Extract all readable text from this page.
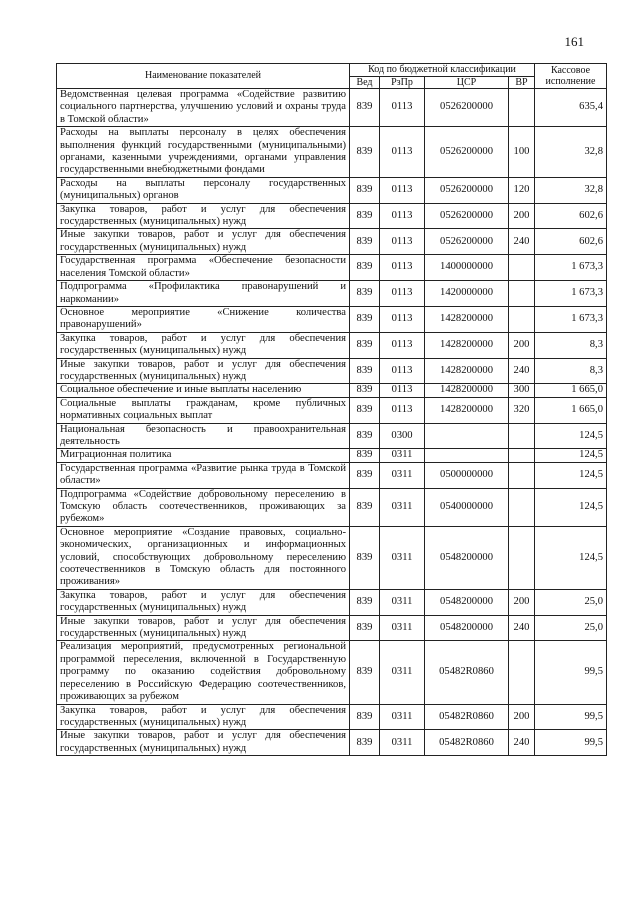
161
Наименование показателей	Код по бюджетной классификации				Кассовое исполнение
	Вед	РзПр	ЦСР	ВР	
Ведомственная целевая программа «Содействие развитию социального партнерства, улучшению условий и охраны труда в Томской области»	839	0113	0526200000		635,4
Расходы на выплаты персоналу в целях обеспечения выполнения функций государственными (муниципальными) органами, казенными учреждениями, органами управления государственными внебюджетными фондами	839	0113	0526200000	100	32,8
Расходы на выплаты персоналу государственных (муниципальных) органов	839	0113	0526200000	120	32,8
Закупка товаров, работ и услуг для обеспечения государственных (муниципальных) нужд	839	0113	0526200000	200	602,6
Иные закупки товаров, работ и услуг для обеспечения государственных (муниципальных) нужд	839	0113	0526200000	240	602,6
Государственная программа «Обеспечение безопасности населения Томской области»	839	0113	1400000000		1 673,3
Подпрограмма «Профилактика правонарушений и наркомании»	839	0113	1420000000		1 673,3
Основное мероприятие «Снижение количества правонарушений»	839	0113	1428200000		1 673,3
Закупка товаров, работ и услуг для обеспечения государственных (муниципальных) нужд	839	0113	1428200000	200	8,3
Иные закупки товаров, работ и услуг для обеспечения государственных (муниципальных) нужд	839	0113	1428200000	240	8,3
Социальное обеспечение и иные выплаты населению	839	0113	1428200000	300	1 665,0
Социальные выплаты гражданам, кроме публичных нормативных социальных выплат	839	0113	1428200000	320	1 665,0
Национальная безопасность и правоохранительная деятельность	839	0300			124,5
Миграционная политика	839	0311			124,5
Государственная программа «Развитие рынка труда в Томской области»	839	0311	0500000000		124,5
Подпрограмма «Содействие добровольному переселению в Томскую область соотечественников, проживающих за рубежом»	839	0311	0540000000		124,5
Основное мероприятие «Создание правовых, социально-экономических, организационных и информационных условий, способствующих добровольному переселению соотечественников в Томскую область для постоянного проживания»	839	0311	0548200000		124,5
Закупка товаров, работ и услуг для обеспечения государственных (муниципальных) нужд	839	0311	0548200000	200	25,0
Иные закупки товаров, работ и услуг для обеспечения государственных (муниципальных) нужд	839	0311	0548200000	240	25,0
Реализация мероприятий, предусмотренных региональной программой переселения, включенной в Государственную программу по оказанию содействия добровольному переселению в Российскую Федерацию соотечественников, проживающих за рубежом	839	0311	05482R0860		99,5
Закупка товаров, работ и услуг для обеспечения государственных (муниципальных) нужд	839	0311	05482R0860	200	99,5
Иные закупки товаров, работ и услуг для обеспечения государственных (муниципальных) нужд	839	0311	05482R0860	240	99,5
